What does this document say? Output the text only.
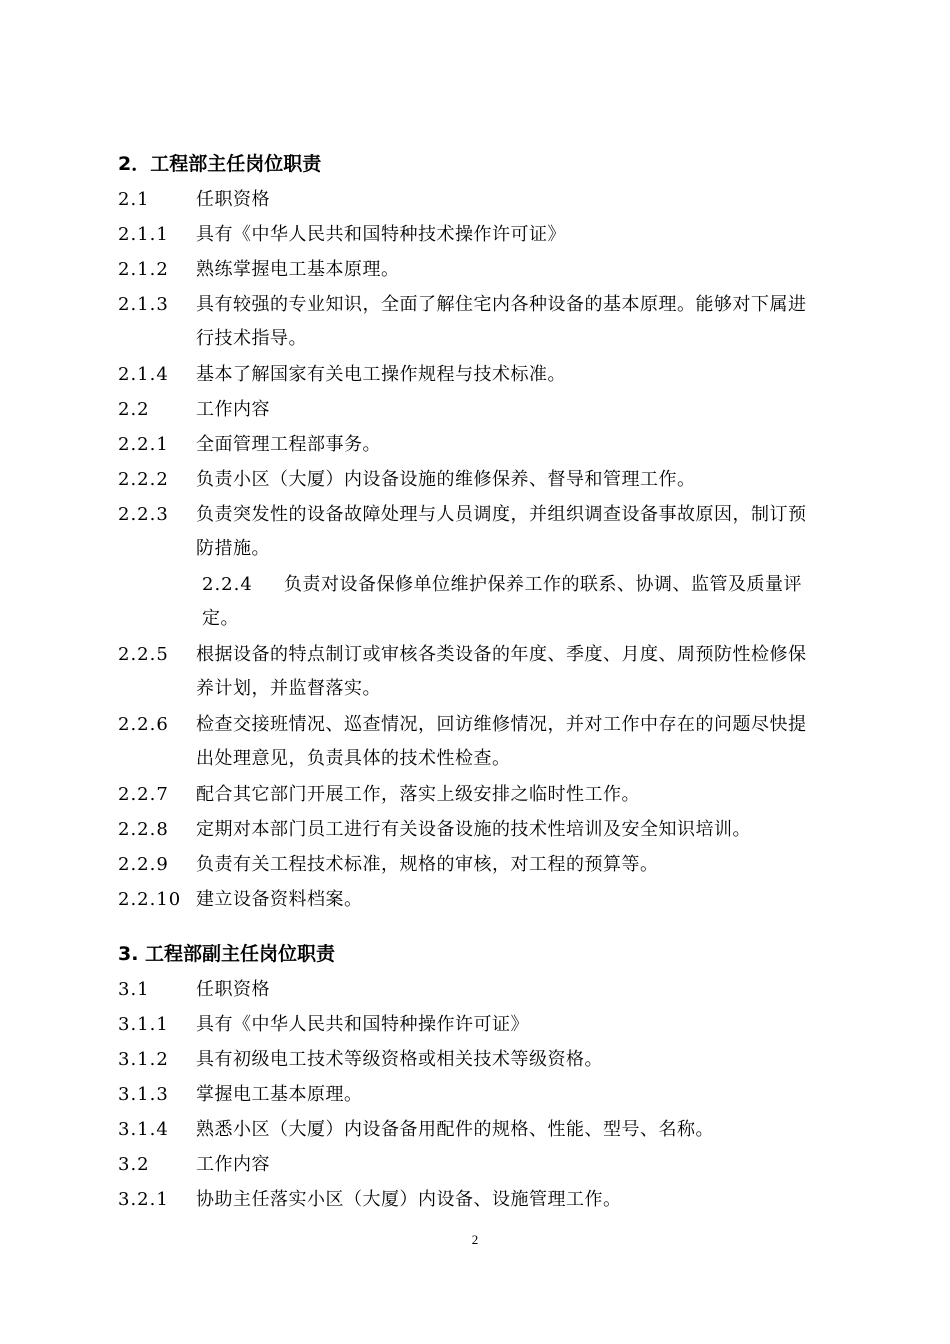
2．工程部主任岗位职责
2.1	任职资格
2.1.1 具有《中华人民共和国特种技术操作许可证》
2.1.2 熟练掌握电工基本原理。
2.1.3 具有较强的专业知识，全面了解住宅内各种设备的基本原理。能够对下属进
行技术指导。
2.1.4 基本了解国家有关电工操作规程与技术标准。
2.2	工作内容
2.2.1 全面管理工程部事务。
2.2.2 负责小区（大厦）内设备设施的维修保养、督导和管理工作。
2.2.3 负责突发性的设备故障处理与人员调度，并组织调查设备事故原因，制订预
防措施。
2.2.4 负责对设备保修单位维护保养工作的联系、协调、监管及质量评
定。
2.2.5 根据设备的特点制订或审核各类设备的年度、季度、月度、周预防性检修保
养计划，并监督落实。
2.2.6 检查交接班情况、巡查情况，回访维修情况，并对工作中存在的问题尽快提
出处理意见，负责具体的技术性检查。
2.2.7 配合其它部门开展工作，落实上级安排之临时性工作。
2.2.8 定期对本部门员工进行有关设备设施的技术性培训及安全知识培训。
2.2.9 负责有关工程技术标准，规格的审核，对工程的预算等。
2.2.10 建立设备资料档案。
3. 工程部副主任岗位职责
3.1	任职资格
3.1.1 具有《中华人民共和国特种操作许可证》
3.1.2 具有初级电工技术等级资格或相关技术等级资格。
3.1.3 掌握电工基本原理。
3.1.4 熟悉小区（大厦）内设备备用配件的规格、性能、型号、名称。
3.2	工作内容
3.2.1 协助主任落实小区（大厦）内设备、设施管理工作。
2
